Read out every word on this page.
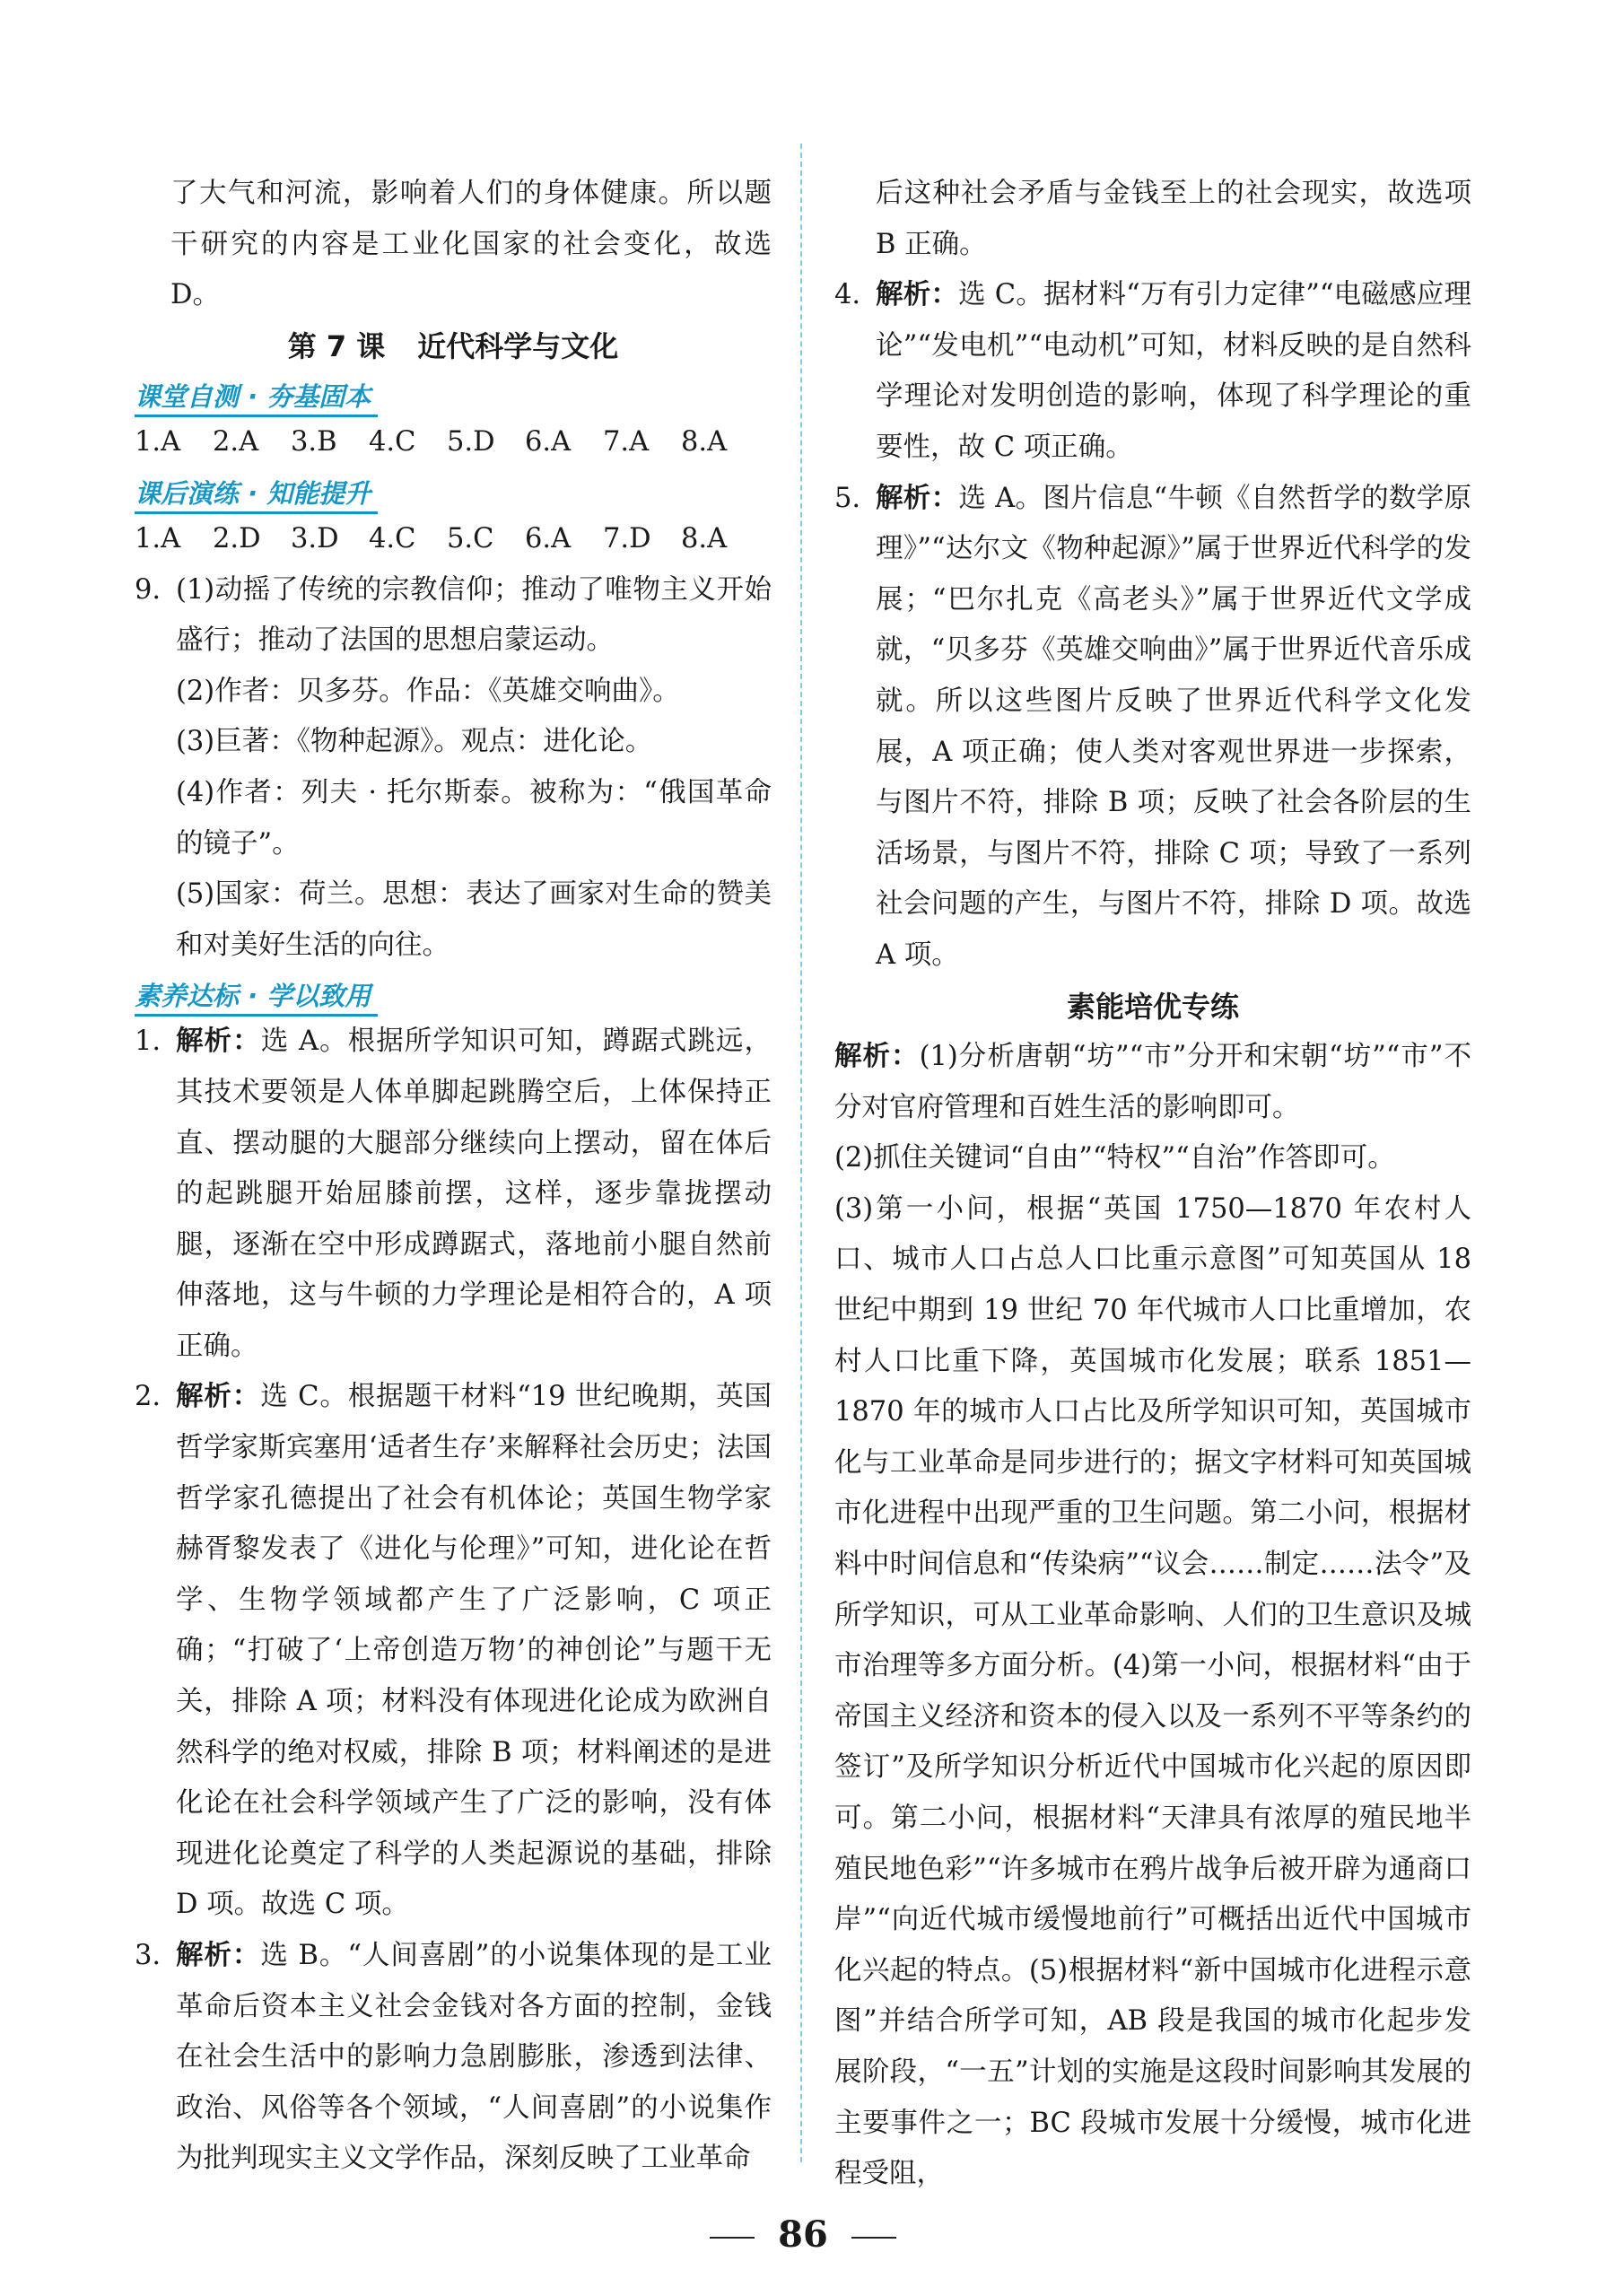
了大气和河流，影响着人们的身体健康。所以题干研究的内容是工业化国家的社会变化，故选 D。

第 7 课 近代科学与文化

课堂自测 · 夯基固本

1.A 2.A 3.B 4.C 5.D 6.A 7.A 8.A

课后演练 · 知能提升

1.A 2.D 3.D 4.C 5.C 6.A 7.D 8.A

9. (1)动摇了传统的宗教信仰；推动了唯物主义开始盛行；推动了法国的思想启蒙运动。

(2)作者：贝多芬。作品：《英雄交响曲》。

(3)巨著：《物种起源》。观点：进化论。

(4)作者：列夫 · 托尔斯泰。被称为：“俄国革命的镜子”。

(5)国家：荷兰。思想：表达了画家对生命的赞美和对美好生活的向往。

素养达标 · 学以致用

1. 解析：选 A。根据所学知识可知，蹲踞式跳远，其技术要领是人体单脚起跳腾空后，上体保持正直、摆动腿的大腿部分继续向上摆动，留在体后的起跳腿开始屈膝前摆，这样，逐步靠拢摆动腿，逐渐在空中形成蹲踞式，落地前小腿自然前伸落地，这与牛顿的力学理论是相符合的，A 项正确。

2. 解析：选 C。根据题干材料“19 世纪晚期，英国哲学家斯宾塞用‘适者生存’来解释社会历史；法国哲学家孔德提出了社会有机体论；英国生物学家赫胥黎发表了《进化与伦理》”可知，进化论在哲学、生物学领域都产生了广泛影响，C 项正确；“打破了‘上帝创造万物’的神创论”与题干无关，排除 A 项；材料没有体现进化论成为欧洲自然科学的绝对权威，排除 B 项；材料阐述的是进化论在社会科学领域产生了广泛的影响，没有体现进化论奠定了科学的人类起源说的基础，排除 D 项。故选 C 项。

3. 解析：选 B。“人间喜剧”的小说集体现的是工业革命后资本主义社会金钱对各方面的控制，金钱在社会生活中的影响力急剧膨胀，渗透到法律、政治、风俗等各个领域，“人间喜剧”的小说集作为批判现实主义文学作品，深刻反映了工业革命

后这种社会矛盾与金钱至上的社会现实，故选项 B 正确。

4. 解析：选 C。据材料“万有引力定律”“电磁感应理论”“发电机”“电动机”可知，材料反映的是自然科学理论对发明创造的影响，体现了科学理论的重要性，故 C 项正确。

5. 解析：选 A。图片信息“牛顿《自然哲学的数学原理》”“达尔文《物种起源》”属于世界近代科学的发展；“巴尔扎克《高老头》”属于世界近代文学成就，“贝多芬《英雄交响曲》”属于世界近代音乐成就。所以这些图片反映了世界近代科学文化发展，A 项正确；使人类对客观世界进一步探索，与图片不符，排除 B 项；反映了社会各阶层的生活场景，与图片不符，排除 C 项；导致了一系列社会问题的产生，与图片不符，排除 D 项。故选 A 项。

素能培优专练

解析：(1)分析唐朝“坊”“市”分开和宋朝“坊”“市”不分对官府管理和百姓生活的影响即可。

(2)抓住关键词“自由”“特权”“自治”作答即可。

(3)第一小问，根据“英国 1750—1870 年农村人口、城市人口占总人口比重示意图”可知英国从 18 世纪中期到 19 世纪 70 年代城市人口比重增加，农村人口比重下降，英国城市化发展；联系 1851—1870 年的城市人口占比及所学知识可知，英国城市化与工业革命是同步进行的；据文字材料可知英国城市化进程中出现严重的卫生问题。第二小问，根据材料中时间信息和“传染病”“议会……制定……法令”及所学知识，可从工业革命影响、人们的卫生意识及城市治理等多方面分析。(4)第一小问，根据材料“由于帝国主义经济和资本的侵入以及一系列不平等条约的签订”及所学知识分析近代中国城市化兴起的原因即可。第二小问，根据材料“天津具有浓厚的殖民地半殖民地色彩”“许多城市在鸦片战争后被开辟为通商口岸”“向近代城市缓慢地前行”可概括出近代中国城市化兴起的特点。(5)根据材料“新中国城市化进程示意图”并结合所学可知，AB 段是我国的城市化起步发展阶段，“一五”计划的实施是这段时间影响其发展的主要事件之一；BC 段城市发展十分缓慢，城市化进程受阻，

86
